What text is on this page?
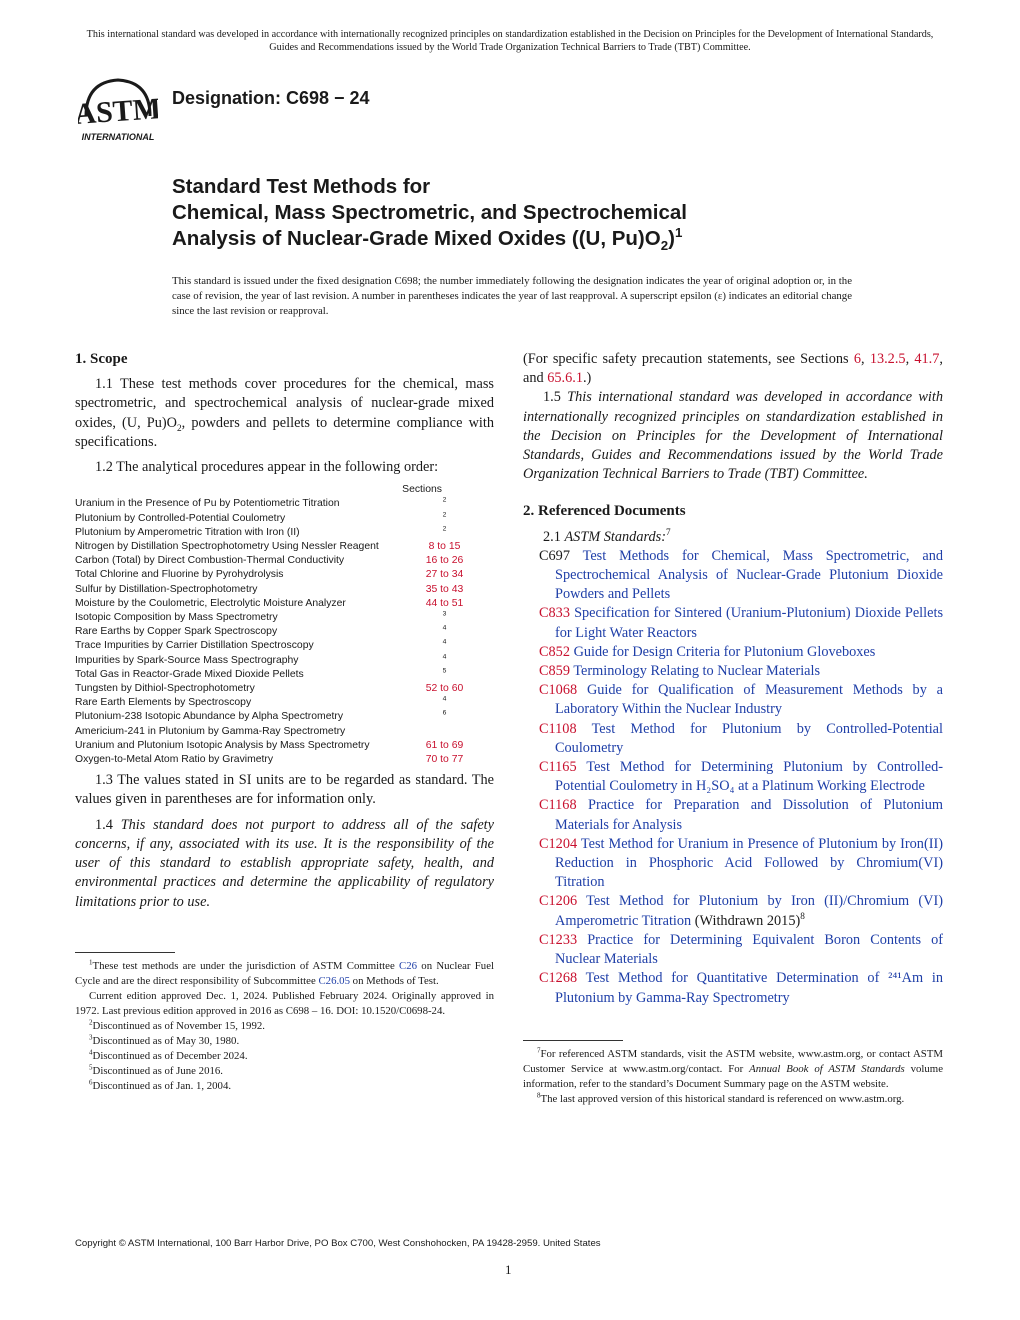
This international standard was developed in accordance with internationally recognized principles on standardization established in the Decision on Principles for the Development of International Standards, Guides and Recommendations issued by the World Trade Organization Technical Barriers to Trade (TBT) Committee.
ASTM
INTERNATIONAL
Designation: C698 − 24
Standard Test Methods for
Chemical, Mass Spectrometric, and Spectrochemical
Analysis of Nuclear-Grade Mixed Oxides ((U, $Pu)O_2)^1$
This standard is issued under the fixed designation C698; the number immediately following the designation indicates the year of original adoption or, in the case of revision, the year of last revision. A number in parentheses indicates the year of last reapproval. A superscript epsilon (ε) indicates an editorial change since the last revision or reapproval.
1. Scope

1.1 These test methods cover procedures for the chemical, mass spectrometric, and spectrochemical analysis of nuclear-grade mixed oxides, (U, $Pu)O_2$, powders and pellets to determine compliance with specifications.

1.2 The analytical procedures appear in the following order:

Sections
Uranium in the Presence of Pu by Potentiometric Titration	$^2$
Plutonium by Controlled-Potential Coulometry	$^2$
Plutonium by Amperometric Titration with Iron (II)	$^2$
Nitrogen by Distillation Spectrophotometry Using Nessler Reagent	8 to 15
Carbon (Total) by Direct Combustion-Thermal Conductivity	16 to 26
Total Chlorine and Fluorine by Pyrohydrolysis	27 to 34
Sulfur by Distillation-Spectrophotometry	35 to 43
Moisture by the Coulometric, Electrolytic Moisture Analyzer	44 to 51
Isotopic Composition by Mass Spectrometry	$^3$
Rare Earths by Copper Spark Spectroscopy	$^4$
Trace Impurities by Carrier Distillation Spectroscopy	$^4$
Impurities by Spark-Source Mass Spectrography	$^4$
Total Gas in Reactor-Grade Mixed Dioxide Pellets	$^5$
Tungsten by Dithiol-Spectrophotometry	52 to 60
Rare Earth Elements by Spectroscopy	$^4$
Plutonium-238 Isotopic Abundance by Alpha Spectrometry	$^6$
Americium-241 in Plutonium by Gamma-Ray Spectrometry
Uranium and Plutonium Isotopic Analysis by Mass Spectrometry	61 to 69
Oxygen-to-Metal Atom Ratio by Gravimetry	70 to 77

1.3 The values stated in SI units are to be regarded as standard. The values given in parentheses are for information only.

1.4 This standard does not purport to address all of the safety concerns, if any, associated with its use. It is the responsibility of the user of this standard to establish appropriate safety, health, and environmental practices and determine the applicability of regulatory limitations prior to use.

$^1$These test methods are under the jurisdiction of ASTM Committee C26 on Nuclear Fuel Cycle and are the direct responsibility of Subcommittee C26.05 on Methods of Test.

Current edition approved Dec. 1, 2024. Published February 2024. Originally approved in 1972. Last previous edition approved in 2016 as C698 – 16. DOI: 10.1520/C0698-24.

$^2$Discontinued as of November 15, 1992.

$^3$Discontinued as of May 30, 1980.

$^4$Discontinued as of December 2024.

$^5$Discontinued as of June 2016.

$^6$Discontinued as of Jan. 1, 2004.

(For specific safety precaution statements, see Sections 6, 13.2.5, 41.7, and 65.6.1.)

1.5 This international standard was developed in accordance with internationally recognized principles on standardization established in the Decision on Principles for the Development of International Standards, Guides and Recommendations issued by the World Trade Organization Technical Barriers to Trade (TBT) Committee.

2. Referenced Documents

2.1 ASTM Standards:$^7$

C697 Test Methods for Chemical, Mass Spectrometric, and Spectrochemical Analysis of Nuclear-Grade Plutonium Dioxide Powders and Pellets
C833 Specification for Sintered (Uranium-Plutonium) Dioxide Pellets for Light Water Reactors
C852 Guide for Design Criteria for Plutonium Gloveboxes
C859 Terminology Relating to Nuclear Materials
C1068 Guide for Qualification of Measurement Methods by a Laboratory Within the Nuclear Industry
C1108 Test Method for Plutonium by Controlled-Potential Coulometry
C1165 Test Method for Determining Plutonium by Controlled-Potential Coulometry in H₂SO₄ at a Platinum Working Electrode
C1168 Practice for Preparation and Dissolution of Plutonium Materials for Analysis
C1204 Test Method for Uranium in Presence of Plutonium by Iron(II) Reduction in Phosphoric Acid Followed by Chromium(VI) Titration
C1206 Test Method for Plutonium by Iron (II)/Chromium (VI) Amperometric Titration (Withdrawn 2015)$^8$
C1233 Practice for Determining Equivalent Boron Contents of Nuclear Materials
C1268 Test Method for Quantitative Determination of ²⁴¹Am in Plutonium by Gamma-Ray Spectrometry

$^7$For referenced ASTM standards, visit the ASTM website, www.astm.org, or contact ASTM Customer Service at www.astm.org/contact. For Annual Book of ASTM Standards volume information, refer to the standard’s Document Summary page on the ASTM website.

$^8$The last approved version of this historical standard is referenced on www.astm.org.

Copyright © ASTM International, 100 Barr Harbor Drive, PO Box C700, West Conshohocken, PA 19428-2959. United States
1
